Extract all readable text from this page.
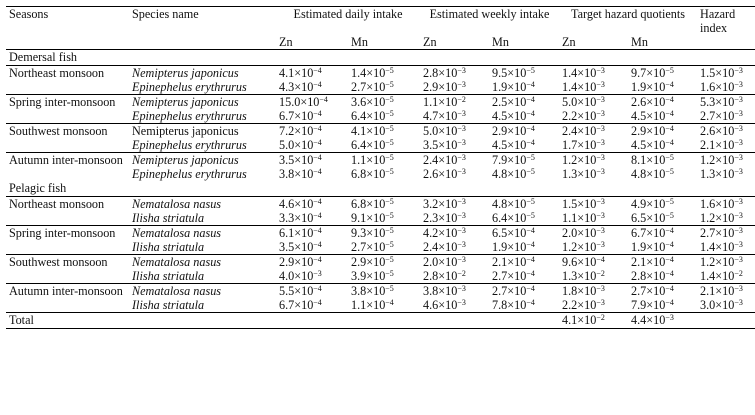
Seasons	Species name	Estimated daily intake		Estimated weekly intake		Target hazard quotients		Hazard index
		Zn	Mn	Zn	Mn	Zn	Mn	
Demersal fish								
Northeast monsoon	Nemipterus japonicus	$4.1\times 10^{-4}$	$1.4\times 10^{-5}$	$2.8\times 10^{-3}$	$9.5\times 10^{-5}$	$1.4\times 10^{-3}$	$9.7\times 10^{-5}$	$1.5\times 10^{-3}$
	Epinephelus erythrurus	$4.3\times 10^{-4}$	$2.7\times 10^{-5}$	$2.9\times 10^{-3}$	$1.9\times 10^{-4}$	$1.4\times 10^{-3}$	$1.9\times 10^{-4}$	$1.6\times 10^{-3}$
Spring inter-monsoon	Nemipterus japonicus	$15.0\times 10^{-4}$	$3.6\times 10^{-5}$	$1.1\times 10^{-2}$	$2.5\times 10^{-4}$	$5.0\times 10^{-3}$	$2.6\times 10^{-4}$	$5.3\times 10^{-3}$
	Epinephelus erythrurus	$6.7\times 10^{-4}$	$6.4\times 10^{-5}$	$4.7\times 10^{-3}$	$4.5\times 10^{-4}$	$2.2\times 10^{-3}$	$4.5\times 10^{-4}$	$2.7\times 10^{-3}$
Southwest monsoon	Nemipterus japonicus	$7.2\times 10^{-4}$	$4.1\times 10^{-5}$	$5.0\times 10^{-3}$	$2.9\times 10^{-4}$	$2.4\times 10^{-3}$	$2.9\times 10^{-4}$	$2.6\times 10^{-3}$
	Epinephelus erythrurus	$5.0\times 10^{-4}$	$6.4\times 10^{-5}$	$3.5\times 10^{-3}$	$4.5\times 10^{-4}$	$1.7\times 10^{-3}$	$4.5\times 10^{-4}$	$2.1\times 10^{-3}$
Autumn inter-monsoon	Nemipterus japonicus	$3.5\times 10^{-4}$	$1.1\times 10^{-5}$	$2.4\times 10^{-3}$	$7.9\times 10^{-5}$	$1.2\times 10^{-3}$	$8.1\times 10^{-5}$	$1.2\times 10^{-3}$
	Epinephelus erythrurus	$3.8\times 10^{-4}$	$6.8\times 10^{-5}$	$2.6\times 10^{-3}$	$4.8\times 10^{-5}$	$1.3\times 10^{-3}$	$4.8\times 10^{-5}$	$1.3\times 10^{-3}$
Pelagic fish								
Northeast monsoon	Nematalosa nasus	$4.6\times 10^{-4}$	$6.8\times 10^{-5}$	$3.2\times 10^{-3}$	$4.8\times 10^{-5}$	$1.5\times 10^{-3}$	$4.9\times 10^{-5}$	$1.6\times 10^{-3}$
	Ilisha striatula	$3.3\times 10^{-4}$	$9.1\times 10^{-5}$	$2.3\times 10^{-3}$	$6.4\times 10^{-5}$	$1.1\times 10^{-3}$	$6.5\times 10^{-5}$	$1.2\times 10^{-3}$
Spring inter-monsoon	Nematalosa nasus	$6.1\times 10^{-4}$	$9.3\times 10^{-5}$	$4.2\times 10^{-3}$	$6.5\times 10^{-4}$	$2.0\times 10^{-3}$	$6.7\times 10^{-4}$	$2.7\times 10^{-3}$
	Ilisha striatula	$3.5\times 10^{-4}$	$2.7\times 10^{-5}$	$2.4\times 10^{-3}$	$1.9\times 10^{-4}$	$1.2\times 10^{-3}$	$1.9\times 10^{-4}$	$1.4\times 10^{-3}$
Southwest monsoon	Nematalosa nasus	$2.9\times 10^{-4}$	$2.9\times 10^{-5}$	$2.0\times 10^{-3}$	$2.1\times 10^{-4}$	$9.6\times 10^{-4}$	$2.1\times 10^{-4}$	$1.2\times 10^{-3}$
	Ilisha striatula	$4.0\times 10^{-3}$	$3.9\times 10^{-5}$	$2.8\times 10^{-2}$	$2.7\times 10^{-4}$	$1.3\times 10^{-2}$	$2.8\times 10^{-4}$	$1.4\times 10^{-2}$
Autumn inter-monsoon	Nematalosa nasus	$5.5\times 10^{-4}$	$3.8\times 10^{-5}$	$3.8\times 10^{-3}$	$2.7\times 10^{-4}$	$1.8\times 10^{-3}$	$2.7\times 10^{-4}$	$2.1\times 10^{-3}$
	Ilisha striatula	$6.7\times 10^{-4}$	$1.1\times 10^{-4}$	$4.6\times 10^{-3}$	$7.8\times 10^{-4}$	$2.2\times 10^{-3}$	$7.9\times 10^{-4}$	$3.0\times 10^{-3}$
Total						$4.1\times 10^{-2}$	$4.4\times 10^{-3}$	
